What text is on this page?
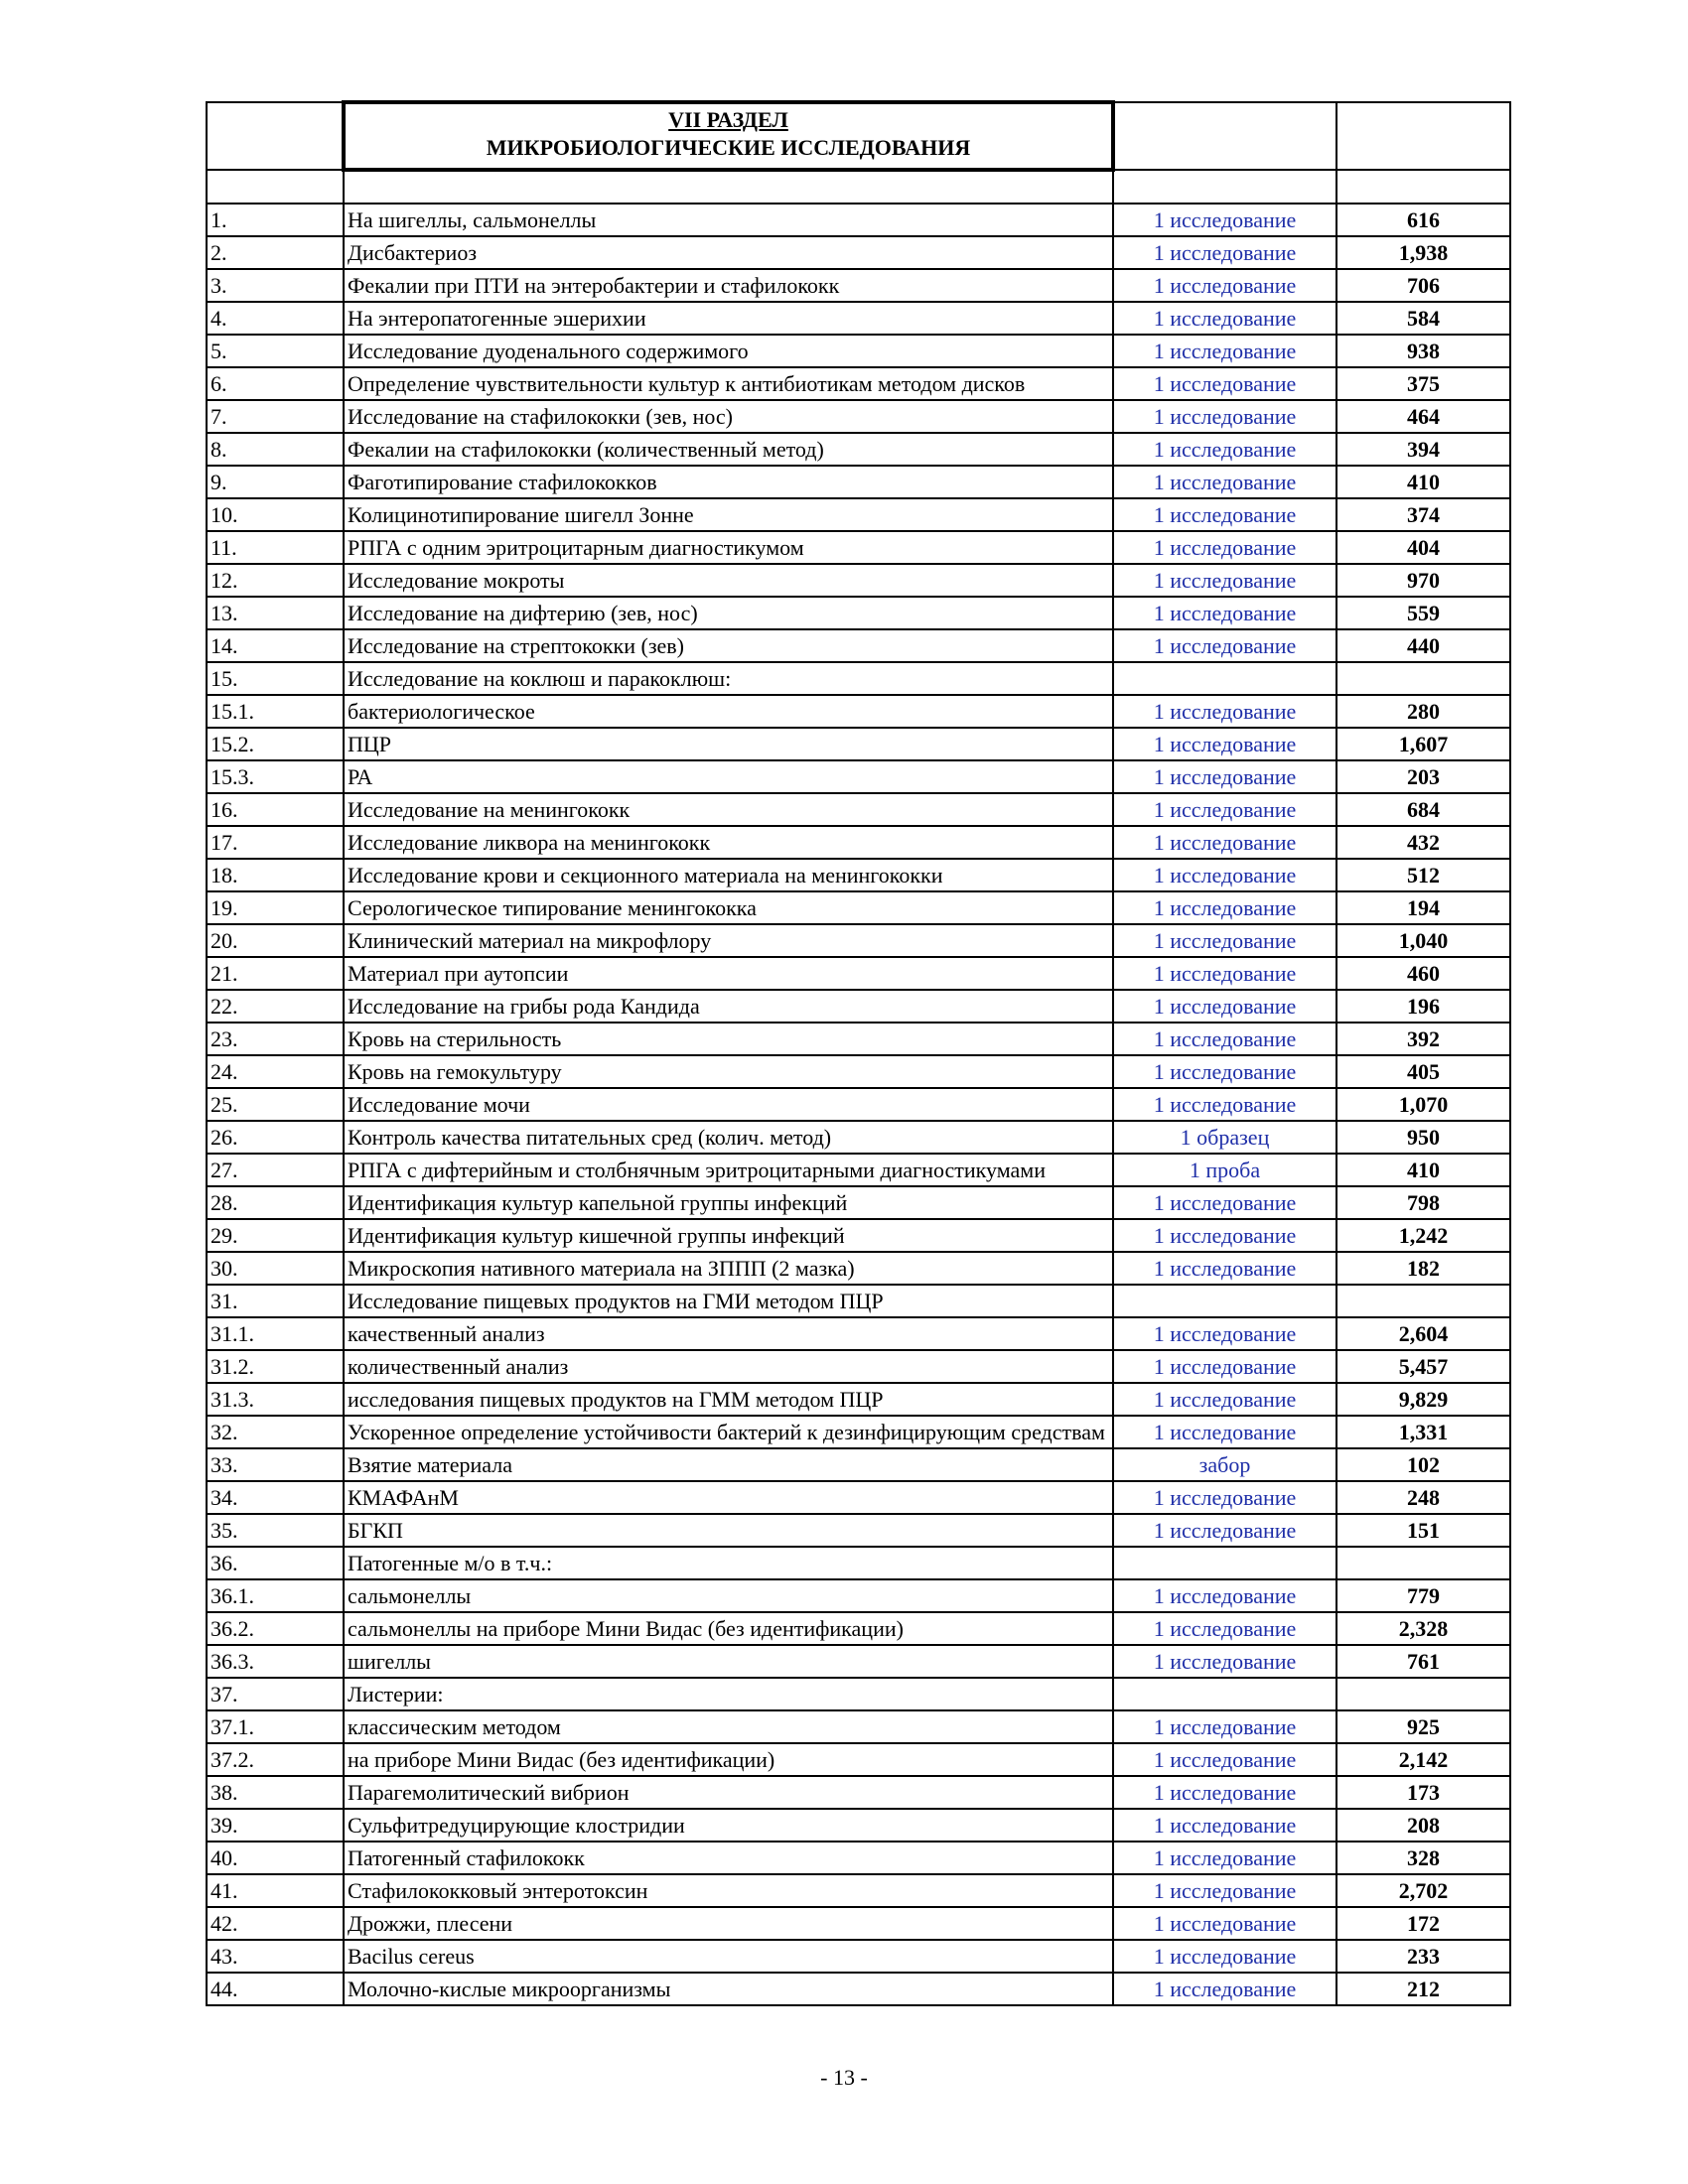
	VII РАЗДЕЛ
МИКРОБИОЛОГИЧЕСКИЕ ИССЛЕДОВАНИЯ		

1.	На шигеллы, сальмонеллы	1 исследование	616
2.	Дисбактериоз	1 исследование	1,938
3.	Фекалии при ПТИ на энтеробактерии и стафилококк	1 исследование	706
4.	На энтеропатогенные эшерихии	1 исследование	584
5.	Исследование дуоденального содержимого	1 исследование	938
6.	Определение чувствительности культур к антибиотикам методом дисков	1 исследование	375
7.	Исследование на стафилококки (зев, нос)	1 исследование	464
8.	Фекалии на стафилококки (количественный метод)	1 исследование	394
9.	Фаготипирование стафилококков	1 исследование	410
10.	Колицинотипирование шигелл Зонне	1 исследование	374
11.	РПГА с одним эритроцитарным диагностикумом	1 исследование	404
12.	Исследование мокроты	1 исследование	970
13.	Исследование на дифтерию (зев, нос)	1 исследование	559
14.	Исследование на стрептококки (зев)	1 исследование	440
15.	Исследование на коклюш и паракоклюш:		
15.1.	бактериологическое	1 исследование	280
15.2.	ПЦР	1 исследование	1,607
15.3.	РА	1 исследование	203
16.	Исследование на менингококк	1 исследование	684
17.	Исследование ликвора на менингококк	1 исследование	432
18.	Исследование крови и секционного материала на менингококки	1 исследование	512
19.	Серологическое типирование менингококка	1 исследование	194
20.	Клинический материал на микрофлору	1 исследование	1,040
21.	Материал при аутопсии	1 исследование	460
22.	Исследование на грибы рода Кандида	1 исследование	196
23.	Кровь на стерильность	1 исследование	392
24.	Кровь на гемокультуру	1 исследование	405
25.	Исследование мочи	1 исследование	1,070
26.	Контроль качества питательных сред (колич. метод)	1 образец	950
27.	РПГА с дифтерийным и столбнячным эритроцитарными диагностикумами	1 проба	410
28.	Идентификация культур капельной группы инфекций	1 исследование	798
29.	Идентификация культур кишечной группы инфекций	1 исследование	1,242
30.	Микроскопия нативного материала на ЗППП (2 мазка)	1 исследование	182
31.	Исследование пищевых продуктов на ГМИ методом ПЦР		
31.1.	качественный анализ	1 исследование	2,604
31.2.	количественный анализ	1 исследование	5,457
31.3.	исследования пищевых продуктов на ГММ методом ПЦР	1 исследование	9,829
32.	Ускоренное определение устойчивости бактерий к дезинфицирующим средствам	1 исследование	1,331
33.	Взятие материала	забор	102
34.	КМАФАнМ	1 исследование	248
35.	БГКП	1 исследование	151
36.	Патогенные м/о в т.ч.:		
36.1.	сальмонеллы	1 исследование	779
36.2.	сальмонеллы на приборе Мини Видас (без идентификации)	1 исследование	2,328
36.3.	шигеллы	1 исследование	761
37.	Листерии:		
37.1.	классическим методом	1 исследование	925
37.2.	на приборе Мини Видас (без идентификации)	1 исследование	2,142
38.	Парагемолитический вибрион	1 исследование	173
39.	Сульфитредуцирующие клостридии	1 исследование	208
40.	Патогенный стафилококк	1 исследование	328
41.	Стафилококковый энтеротоксин	1 исследование	2,702
42.	Дрожжи, плесени	1 исследование	172
43.	Bacilus cereus	1 исследование	233
44.	Молочно-кислые микроорганизмы	1 исследование	212
- 13 -
